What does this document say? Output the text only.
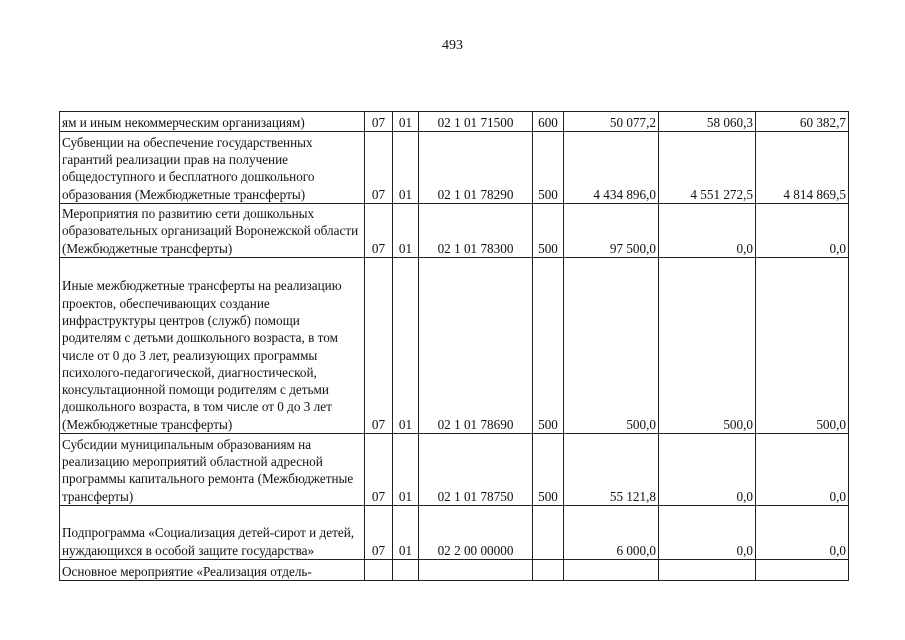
493
ям и иным некоммерческим организациям)	07	01	02 1 01 71500	600	50 077,2	58 060,3	60 382,7
Субвенции на обеспечение государственных гарантий реализации прав на получение общедоступного и бесплатного дошкольного образования (Межбюджетные трансферты)	07	01	02 1 01 78290	500	4 434 896,0	4 551 272,5	4 814 869,5
Мероприятия по развитию сети дошкольных образовательных организаций Воронежской области (Межбюджетные трансферты)	07	01	02 1 01 78300	500	97 500,0	0,0	0,0
Иные межбюджетные трансферты на реализацию проектов, обеспечивающих создание инфраструктуры центров (служб) помощи родителям с детьми дошкольного возраста, в том числе от 0 до 3 лет, реализующих программы психолого-педагогической, диагностической, консультационной помощи родителям с детьми дошкольного возраста, в том числе от 0 до 3 лет (Межбюджетные трансферты)	07	01	02 1 01 78690	500	500,0	500,0	500,0
Субсидии муниципальным образованиям на реализацию мероприятий областной адресной программы капитального ремонта (Межбюджетные трансферты)	07	01	02 1 01 78750	500	55 121,8	0,0	0,0
Подпрограмма «Социализация детей-сирот и детей, нуждающихся в особой защите государства»	07	01	02 2 00 00000		6 000,0	0,0	0,0
Основное мероприятие «Реализация отдель-							
